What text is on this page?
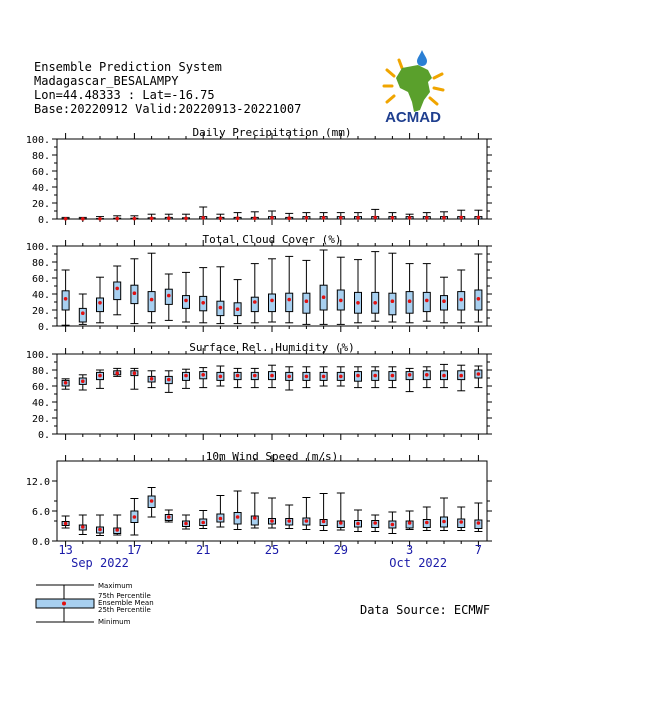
Ensemble Prediction System
Madagascar_BESALAMPY
Lon=44.48333 : Lat=-16.75
Base:20220912 Valid:20220913-20221007	ACMAD
Daily Precipitation (mm)
0.
20.
40.
60.
80.
100.
Total Cloud Cover (%)
0.
20.
40.
60.
80.
100.
Surface Rel. Humidity (%)
0.
20.
40.
60.
80.
100.
10m Wind Speed (m/s)
0.0
6.0
12.0
13	17	21	25	29	3	7
Sep 2022	Oct 2022
Maximum
75th Percentile
Ensemble Mean
25th Percentile
Minimum
Data Source: ECMWF
